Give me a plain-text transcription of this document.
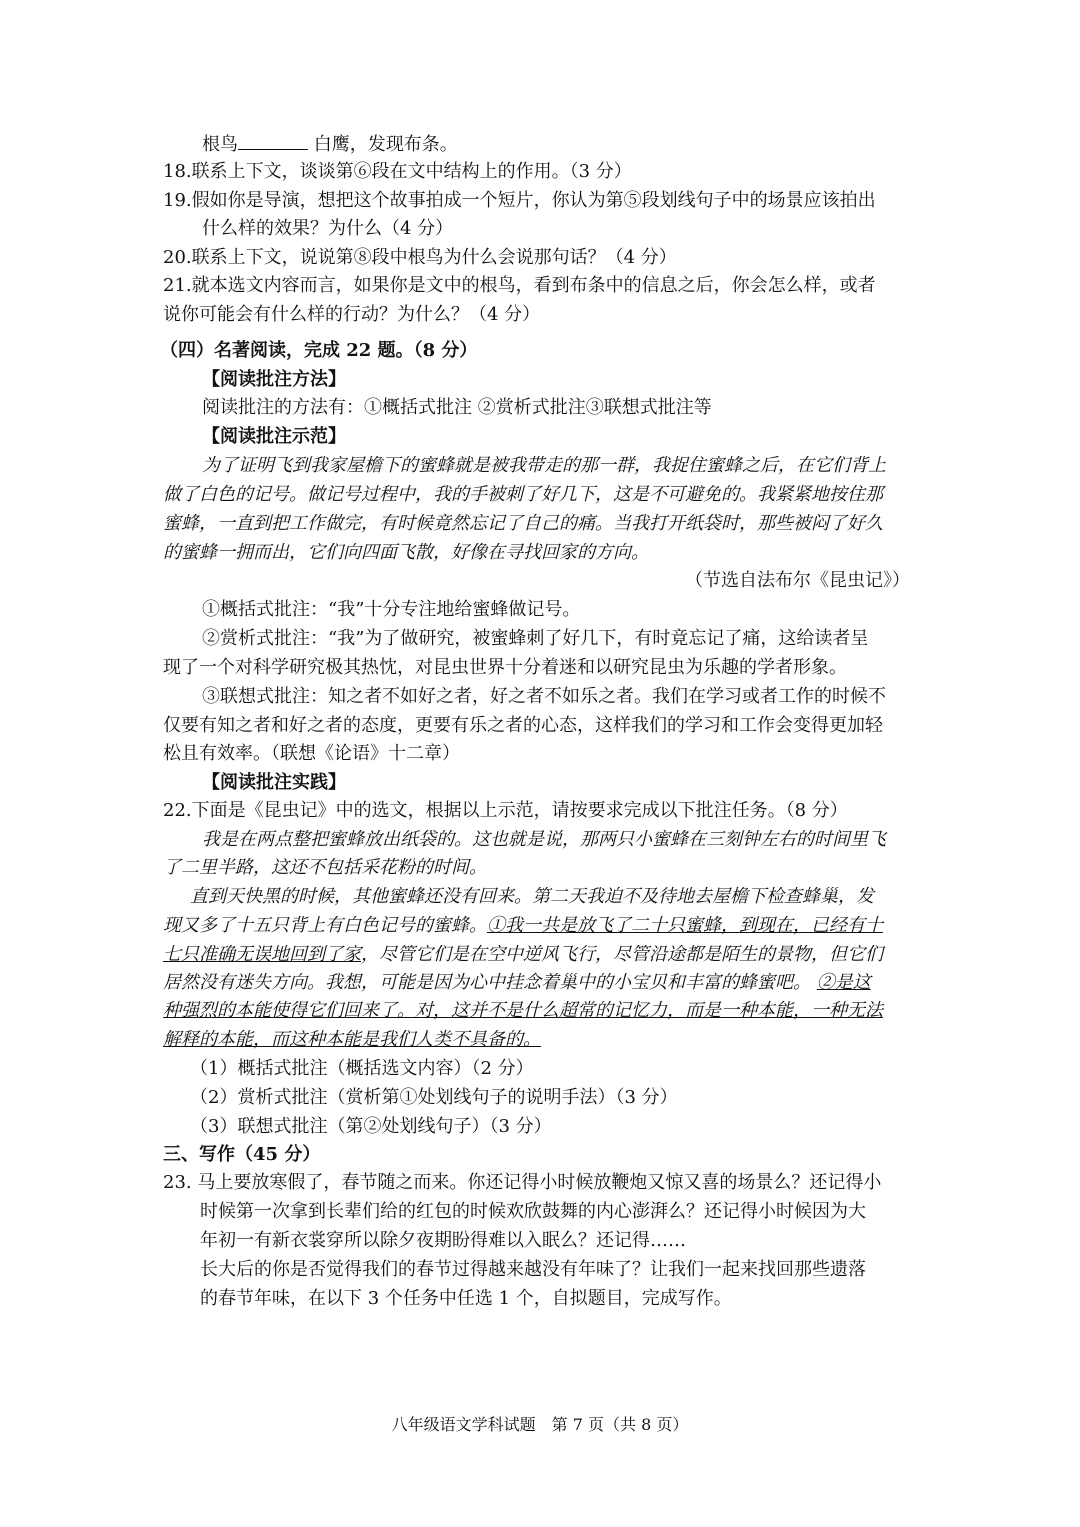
根鸟	白鹰，发现布条。
18.联系上下文，谈谈第⑥段在文中结构上的作用。（3 分）
19.假如你是导演，想把这个故事拍成一个短片，你认为第⑤段划线句子中的场景应该拍出
什么样的效果？为什么（4 分）
20.联系上下文，说说第⑧段中根鸟为什么会说那句话？（4 分）
21.就本选文内容而言，如果你是文中的根鸟，看到布条中的信息之后，你会怎么样，或者
说你可能会有什么样的行动？为什么？（4 分）
（四）名著阅读，完成 22 题。（8 分）
【阅读批注方法】
阅读批注的方法有：①概括式批注 ②赏析式批注③联想式批注等
【阅读批注示范】
为了证明飞到我家屋檐下的蜜蜂就是被我带走的那一群，我捉住蜜蜂之后，在它们背上
做了白色的记号。做记号过程中，我的手被刺了好几下，这是不可避免的。我紧紧地按住那
蜜蜂，一直到把工作做完，有时候竟然忘记了自己的痛。当我打开纸袋时，那些被闷了好久
的蜜蜂一拥而出，它们向四面飞散，好像在寻找回家的方向。
（节选自法布尔《昆虫记》）
①概括式批注：“我”十分专注地给蜜蜂做记号。
②赏析式批注：“我”为了做研究，被蜜蜂刺了好几下，有时竟忘记了痛，这给读者呈
现了一个对科学研究极其热忱，对昆虫世界十分着迷和以研究昆虫为乐趣的学者形象。
③联想式批注：知之者不如好之者，好之者不如乐之者。我们在学习或者工作的时候不
仅要有知之者和好之者的态度，更要有乐之者的心态，这样我们的学习和工作会变得更加轻
松且有效率。（联想《论语》十二章）
【阅读批注实践】
22.下面是《昆虫记》中的选文，根据以上示范，请按要求完成以下批注任务。（8 分）
我是在两点整把蜜蜂放出纸袋的。这也就是说，那两只小蜜蜂在三刻钟左右的时间里飞
了二里半路，这还不包括采花粉的时间。
直到天快黑的时候，其他蜜蜂还没有回来。第二天我迫不及待地去屋檐下检查蜂巢，发
现又多了十五只背上有白色记号的蜜蜂。①我一共是放飞了二十只蜜蜂，到现在，已经有十
七只准确无误地回到了家，尽管它们是在空中逆风飞行，尽管沿途都是陌生的景物，但它们
居然没有迷失方向。我想，可能是因为心中挂念着巢中的小宝贝和丰富的蜂蜜吧。 ②是这
种强烈的本能使得它们回来了。对，这并不是什么超常的记忆力，而是一种本能，一种无法
解释的本能，而这种本能是我们人类不具备的。
（1）概括式批注（概括选文内容）（2 分）
（2）赏析式批注（赏析第①处划线句子的说明手法）（3 分）
（3）联想式批注（第②处划线句子）（3 分）
三、写作（45 分）
23. 马上要放寒假了，春节随之而来。你还记得小时候放鞭炮又惊又喜的场景么？还记得小
时候第一次拿到长辈们给的红包的时候欢欣鼓舞的内心澎湃么？还记得小时候因为大
年初一有新衣裳穿所以除夕夜期盼得难以入眠么？还记得……
长大后的你是否觉得我们的春节过得越来越没有年味了？让我们一起来找回那些遗落
的春节年味，在以下 3 个任务中任选 1 个，自拟题目，完成写作。
八年级语文学科试题　第 7 页（共 8 页）
